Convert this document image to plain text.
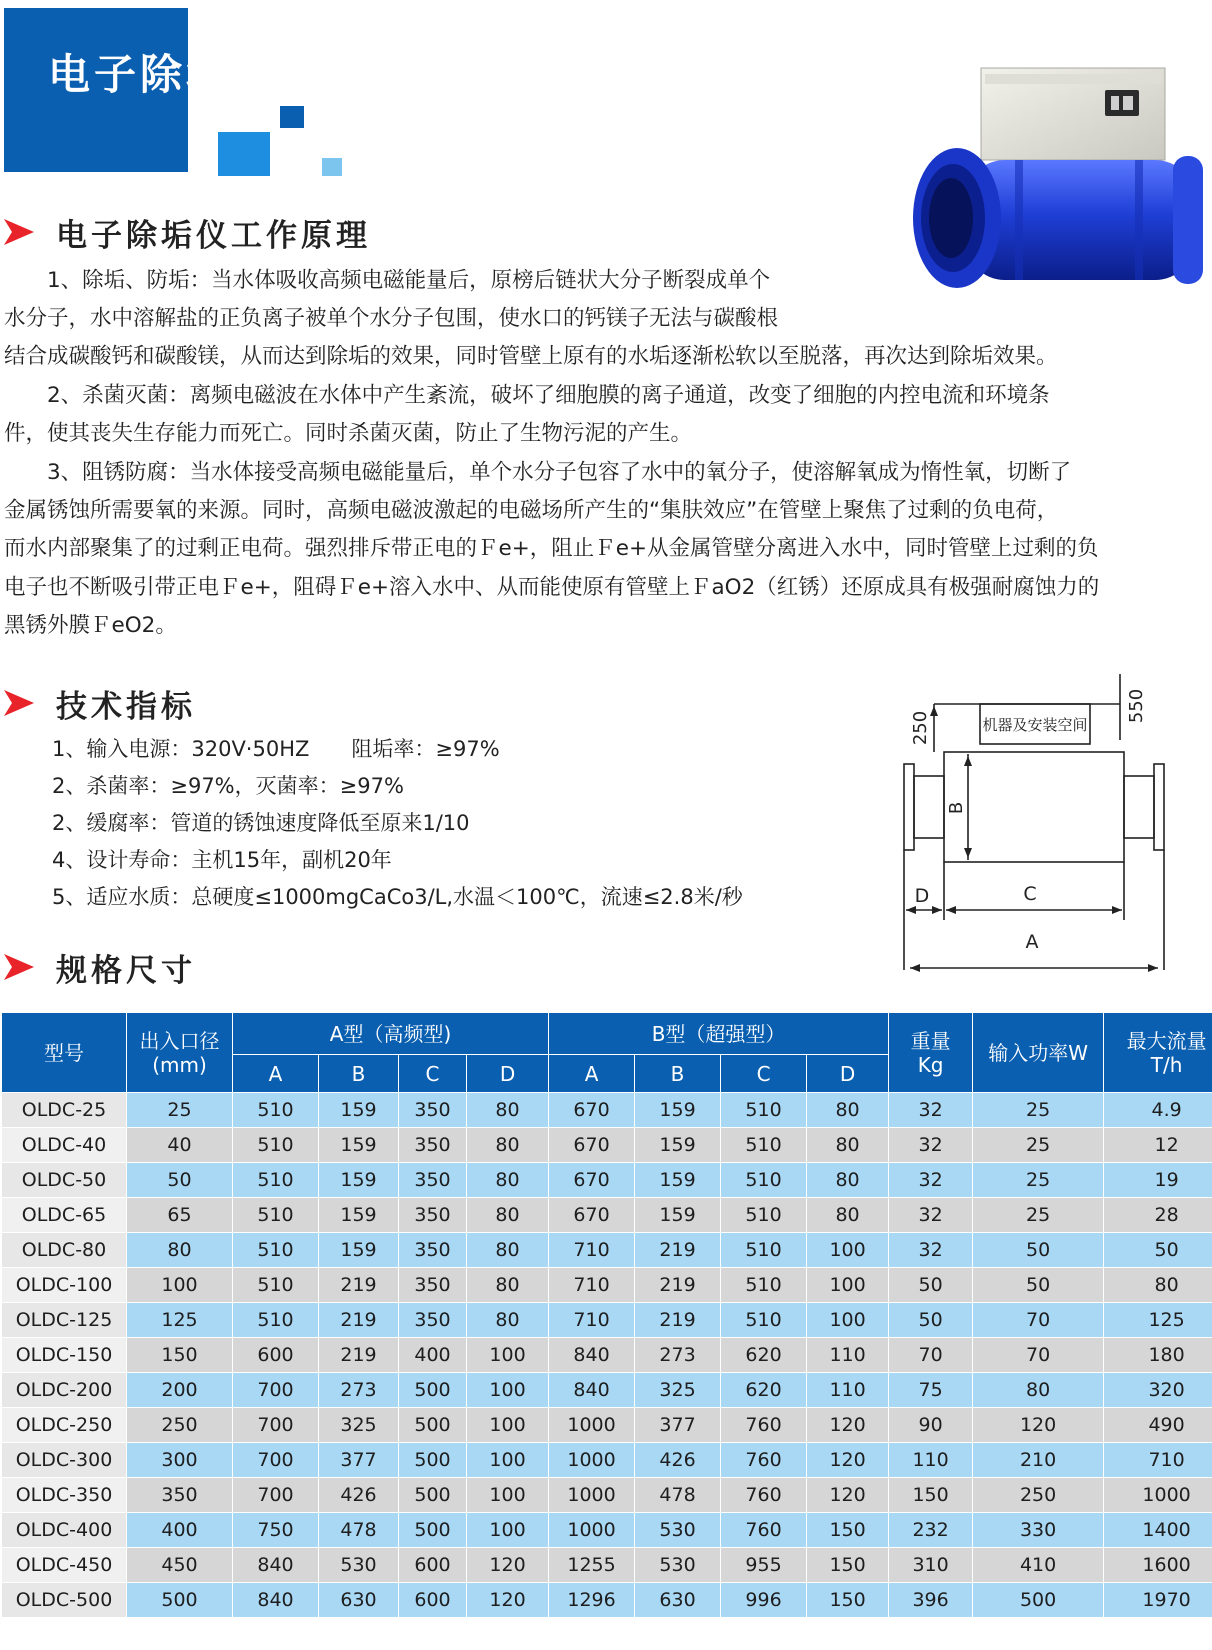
电子除垢仪
电子除垢仪工作原理
　　1、除垢、防垢：当水体吸收高频电磁能量后，原榜后链状大分子断裂成单个
水分子，水中溶解盐的正负离子被单个水分子包围，使水口的钙镁子无法与碳酸根
结合成碳酸钙和碳酸镁，从而达到除垢的效果，同时管壁上原有的水垢逐渐松软以至脱落，再次达到除垢效果。
　　2、杀菌灭菌：离频电磁波在水体中产生紊流，破坏了细胞膜的离子通道，改变了细胞的内控电流和环境条
件，使其丧失生存能力而死亡。同时杀菌灭菌，防止了生物污泥的产生。
　　3、阻锈防腐：当水体接受高频电磁能量后，单个水分子包容了水中的氧分子，使溶解氧成为惰性氧，切断了
金属锈蚀所需要氧的来源。同时，高频电磁波激起的电磁场所产生的“集肤效应”在管壁上聚焦了过剩的负电荷，
而水内部聚集了的过剩正电荷。强烈排斥带正电的Ｆe+，阻止Ｆe+从金属管壁分离进入水中，同时管壁上过剩的负
电子也不断吸引带正电Ｆe+，阻碍Ｆe+溶入水中、从而能使原有管壁上ＦaO2（红锈）还原成具有极强耐腐蚀力的
黑锈外膜ＦeO2。
技术指标
1、输入电源：320V·50HZ　　阻垢率：≥97%
2、杀菌率：≥97%，灭菌率：≥97%
2、缓腐率：管道的锈蚀速度降低至原来1/10
4、设计寿命：主机15年，副机20年
5、适应水质：总硬度≤1000mgCaCo3/L,水温＜100℃，流速≤2.8米/秒
机器及安装空间
250
550
B
D	C
A
规格尺寸
型号	出入口径(mm)	A型（高频型)				B型（超强型）				重量Kg	输入功率W	最大流量T/h
		A	B	C	D	A	B	C	D			
OLDC-25	25	510	159	350	80	670	159	510	80	32	25	4.9
OLDC-40	40	510	159	350	80	670	159	510	80	32	25	12
OLDC-50	50	510	159	350	80	670	159	510	80	32	25	19
OLDC-65	65	510	159	350	80	670	159	510	80	32	25	28
OLDC-80	80	510	159	350	80	710	219	510	100	32	50	50
OLDC-100	100	510	219	350	80	710	219	510	100	50	50	80
OLDC-125	125	510	219	350	80	710	219	510	100	50	70	125
OLDC-150	150	600	219	400	100	840	273	620	110	70	70	180
OLDC-200	200	700	273	500	100	840	325	620	110	75	80	320
OLDC-250	250	700	325	500	100	1000	377	760	120	90	120	490
OLDC-300	300	700	377	500	100	1000	426	760	120	110	210	710
OLDC-350	350	700	426	500	100	1000	478	760	120	150	250	1000
OLDC-400	400	750	478	500	100	1000	530	760	150	232	330	1400
OLDC-450	450	840	530	600	120	1255	530	955	150	310	410	1600
OLDC-500	500	840	630	600	120	1296	630	996	150	396	500	1970
